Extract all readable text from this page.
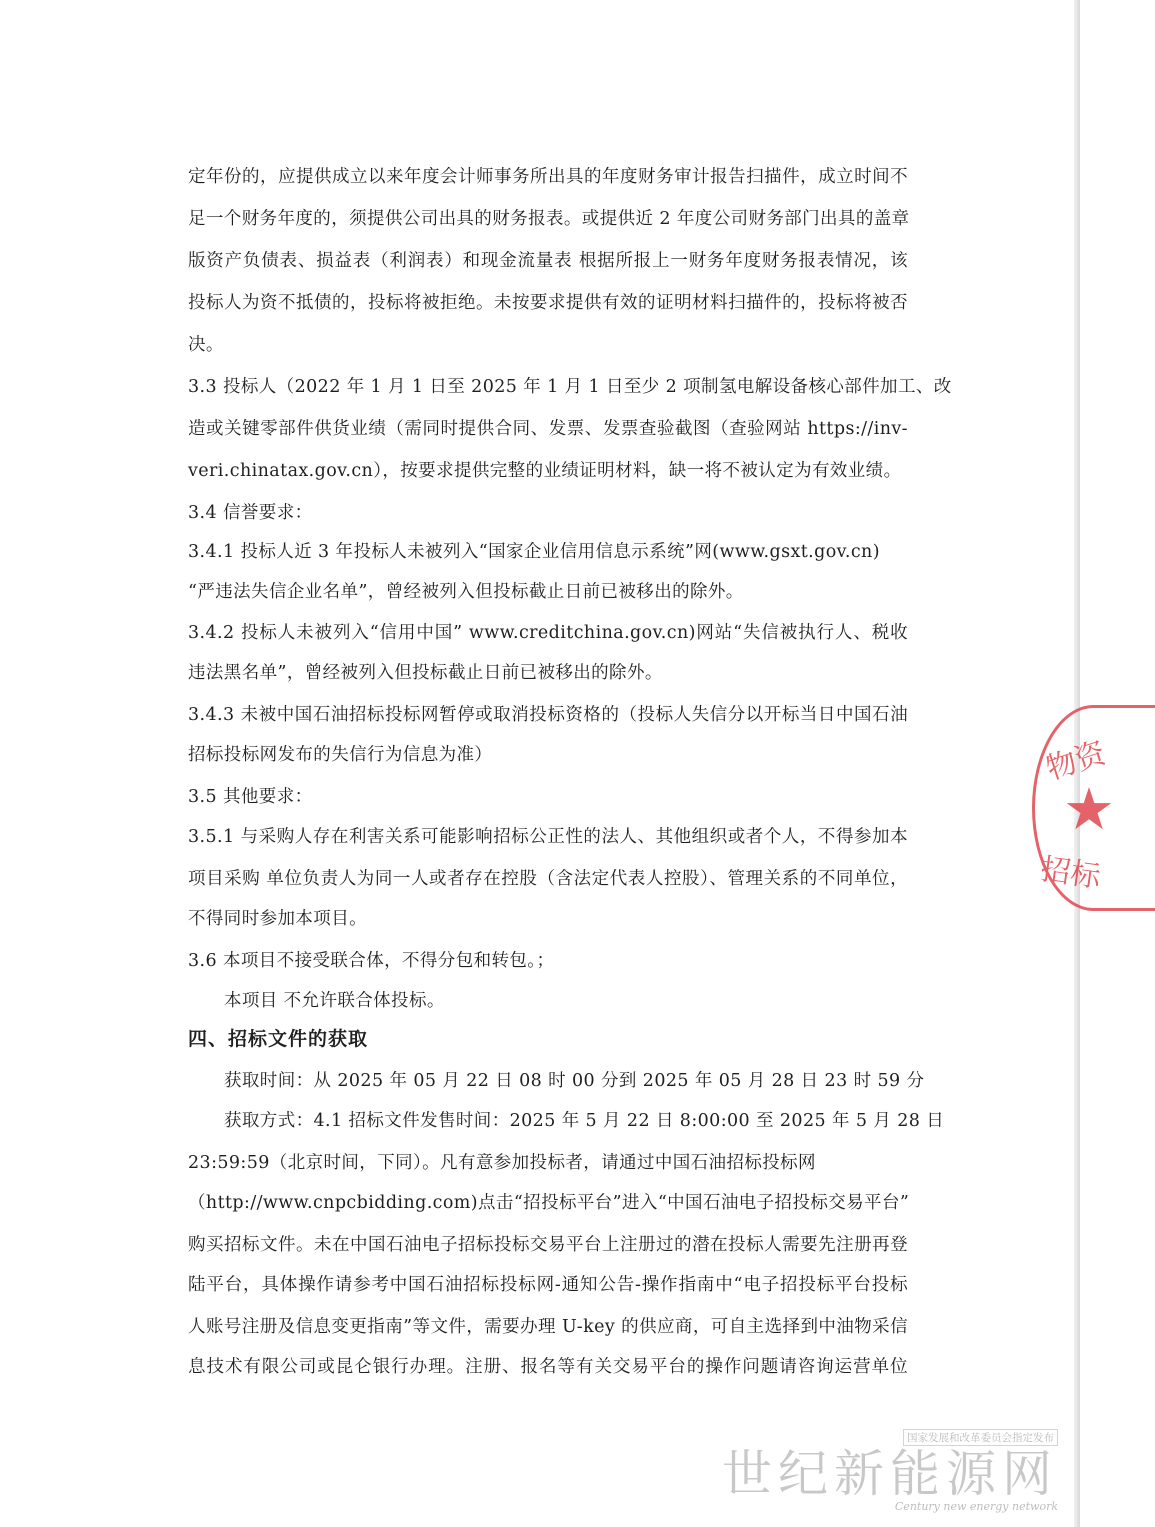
定年份的，应提供成立以来年度会计师事务所出具的年度财务审计报告扫描件，成立时间不
足一个财务年度的，须提供公司出具的财务报表。或提供近 2 年度公司财务部门出具的盖章
版资产负债表、损益表（利润表）和现金流量表 根据所报上一财务年度财务报表情况，该
投标人为资不抵债的，投标将被拒绝。未按要求提供有效的证明材料扫描件的，投标将被否
决。
3.3 投标人（2022 年 1 月 1 日至 2025 年 1 月 1 日至少 2 项制氢电解设备核心部件加工、改
造或关键零部件供货业绩（需同时提供合同、发票、发票查验截图（查验网站 https://inv-
veri.chinatax.gov.cn），按要求提供完整的业绩证明材料，缺一将不被认定为有效业绩。
3.4 信誉要求：
3.4.1 投标人近 3 年投标人未被列入“国家企业信用信息示系统”网(www.gsxt.gov.cn)
“严违法失信企业名单”，曾经被列入但投标截止日前已被移出的除外。
3.4.2 投标人未被列入“信用中国” www.creditchina.gov.cn)网站“失信被执行人、税收
违法黑名单”，曾经被列入但投标截止日前已被移出的除外。
3.4.3 未被中国石油招标投标网暂停或取消投标资格的（投标人失信分以开标当日中国石油
招标投标网发布的失信行为信息为准）
3.5 其他要求：
3.5.1 与采购人存在利害关系可能影响招标公正性的法人、其他组织或者个人，不得参加本
项目采购 单位负责人为同一人或者存在控股（含法定代表人控股）、管理关系的不同单位，
不得同时参加本项目。
3.6 本项目不接受联合体，不得分包和转包。；
本项目 不允许联合体投标。
四、招标文件的获取
获取时间：从 2025 年 05 月 22 日 08 时 00 分到 2025 年 05 月 28 日 23 时 59 分
获取方式：4.1 招标文件发售时间：2025 年 5 月 22 日 8:00:00 至 2025 年 5 月 28 日
23:59:59（北京时间，下同）。凡有意参加投标者，请通过中国石油招标投标网
（http://www.cnpcbidding.com)点击“招投标平台”进入“中国石油电子招投标交易平台”
购买招标文件。未在中国石油电子招标投标交易平台上注册过的潜在投标人需要先注册再登
陆平台，具体操作请参考中国石油招标投标网-通知公告-操作指南中“电子招投标平台投标
人账号注册及信息变更指南”等文件，需要办理 U-key 的供应商，可自主选择到中油物采信
息技术有限公司或昆仑银行办理。注册、报名等有关交易平台的操作问题请咨询运营单位
物资
★
招标
国家发展和改革委员会指定发布
世纪新能源网
Century new energy network
